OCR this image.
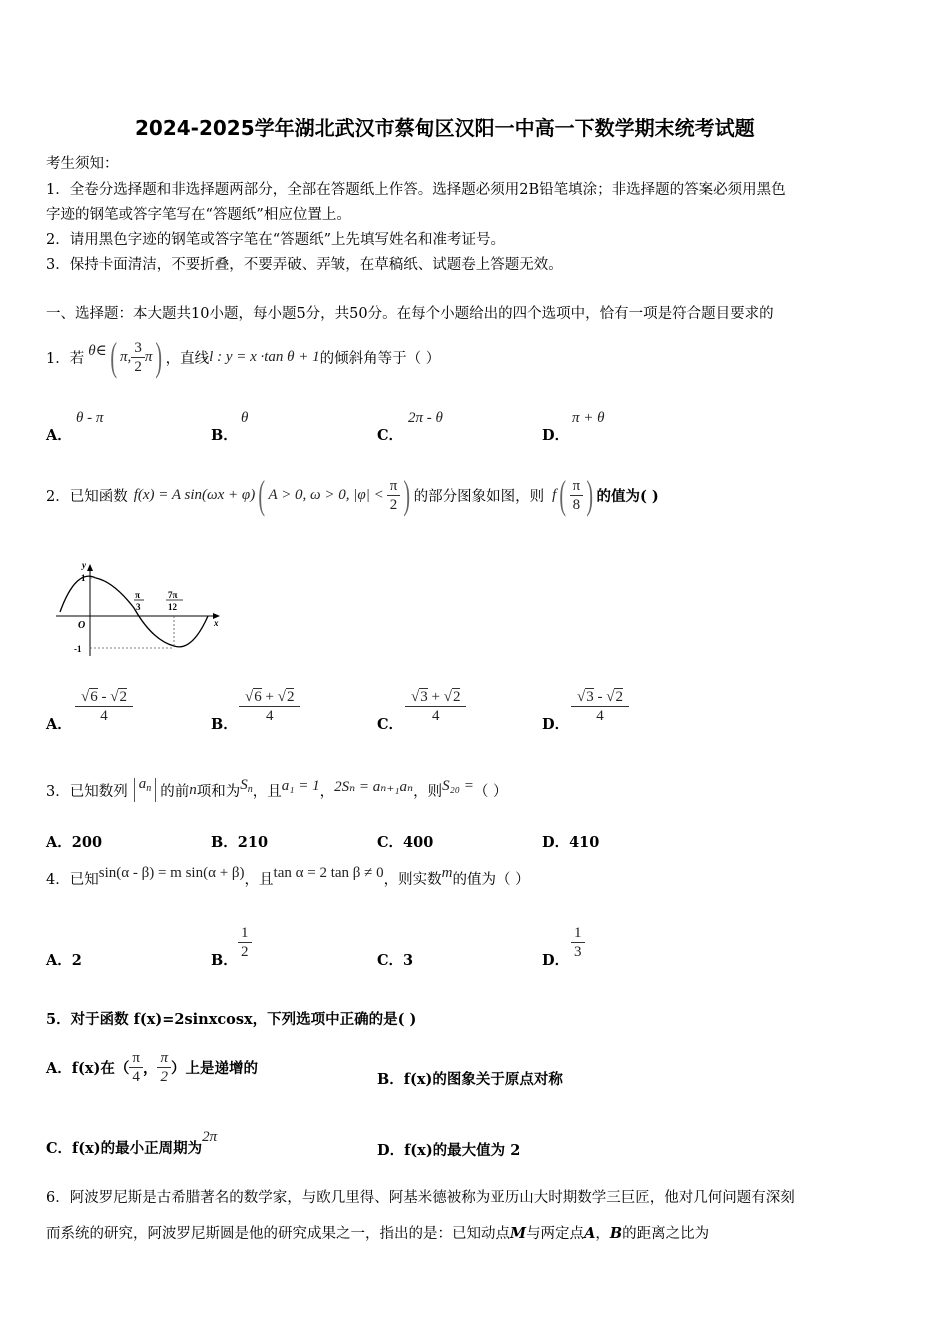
2024-2025学年湖北武汉市蔡甸区汉阳一中高一下数学期末统考试题
考生须知：
1．全卷分选择题和非选择题两部分，全部在答题纸上作答。选择题必须用2B铅笔填涂；非选择题的答案必须用黑色
字迹的钢笔或答字笔写在“答题纸”相应位置上。
2．请用黑色字迹的钢笔或答字笔在“答题纸”上先填写姓名和准考证号。
3．保持卡面清洁，不要折叠，不要弄破、弄皱，在草稿纸、试题卷上答题无效。
一、选择题：本大题共10小题，每小题5分，共50分。在每个小题给出的四个选项中，恰有一项是符合题目要求的
1．若 θ∈ ( π, $\frac{3}{2}$ π ) ，直线 l : y = x ·tan θ + 1 的倾斜角等于（ ）
A．
θ - π
B．
θ
C．
2π - θ
D．
π + θ
2．已知函数 f(x) = A sin(ωx + φ) ( A > 0, ω > 0, $|\varphi| < \frac{\pi}{2}$ ) 的部分图象如图，则 f ( $\frac{\pi}{8}$ ) 的值为( )
y
x
O
1
-1
π
3
7π
12
A． $\frac{√6 - √2}{4}$	B． $\frac{√6 + √2}{4}$	C． $\frac{√3 + √2}{4}$	D． $\frac{√3 - √2}{4}$
3．已知数列 $a_n$ 的前 n 项和为 $S_n$ ，且 a₁ = 1 ， 2Sₙ = aₙ₊₁aₙ ，则 S₂₀ = （ ）
A．200	B．210	C．400	D．410
4．已知 sin(α - β) = m sin(α + β) ，且 tan α = 2 tan β ≠ 0 ，则实数 m 的值为（ ）
A．2	B． $\frac{1}{2}$	C．3	D． $\frac{1}{3}$
5．对于函数 f(x)=2sinxcosx，下列选项中正确的是( )
A．f(x)在（ $\frac{\pi}{4}$ ， $\frac{\pi}{2}$ ）上是递增的
B．f(x)的图象关于原点对称
C．f(x)的最小正周期为
2π
D．f(x)的最大值为 2
6．阿波罗尼斯是古希腊著名的数学家，与欧几里得、阿基米德被称为亚历山大时期数学三巨匠，他对几何问题有深刻
而系统的研究，阿波罗尼斯圆是他的研究成果之一，指出的是：已知动点M与两定点A，B的距离之比为
